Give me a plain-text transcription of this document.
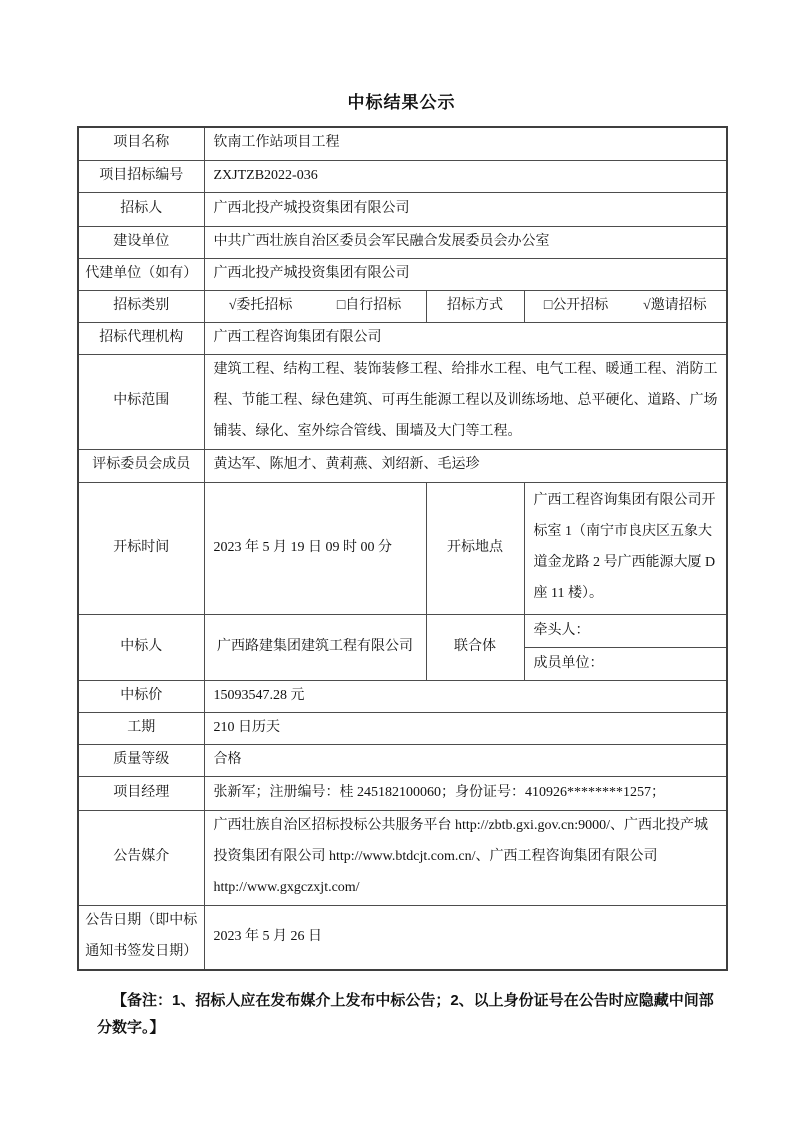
中标结果公示
项目名称	钦南工作站项目工程		
项目招标编号	ZXJTZB2022-036		
招标人	广西北投产城投资集团有限公司		
建设单位	中共广西壮族自治区委员会军民融合发展委员会办公室		
代建单位（如有）	广西北投产城投资集团有限公司		
招标类别	√委托招标 □自行招标	招标方式	□公开招标 √邀请招标

招标代理机构	广西工程咨询集团有限公司		
中标范围	建筑工程、结构工程、装饰装修工程、给排水工程、电气工程、暖通工程、消防工程、节能工程、绿色建筑、可再生能源工程以及训练场地、总平硬化、道路、广场铺装、绿化、室外综合管线、围墙及大门等工程。		
评标委员会成员	黄达军、陈旭才、黄莉燕、刘绍新、毛运珍		
开标时间	2023 年 5 月 19 日 09 时 00 分	开标地点	广西工程咨询集团有限公司开标室 1（南宁市良庆区五象大道金龙路 2 号广西能源大厦 D 座 11 楼）。
中标人	广西路建集团建筑工程有限公司	联合体	牵头人：
成员单位：

中标价	15093547.28 元		
工期	210 日历天		
质量等级	合格		
项目经理	张新军；注册编号：桂 245182100060；身份证号：410926********1257；		
公告媒介	广西壮族自治区招标投标公共服务平台 http://zbtb.gxi.gov.cn:9000/、广西北投产城投资集团有限公司 http://www.btdcjt.com.cn/、广西工程咨询集团有限公司 http://www.gxgczxjt.com/		
公告日期（即中标通知书签发日期）	2023 年 5 月 26 日		
【备注：1、招标人应在发布媒介上发布中标公告；2、以上身份证号在公告时应隐藏中间部分数字。】
